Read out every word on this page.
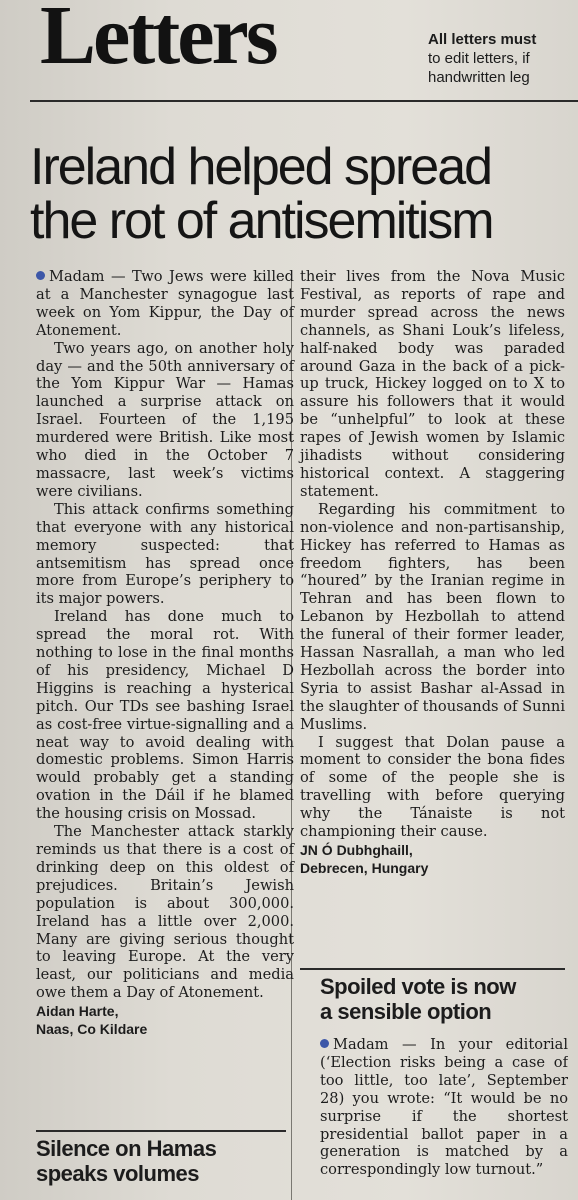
Letters	All letters must
to edit letters, if
handwritten leg
Ireland helped spread
the rot of antisemitism

Madam — Two Jews were killed at a Manchester synagogue last week on Yom Kippur, the Day of Atonement.

Two years ago, on another holy day — and the 50th anniversary of the Yom Kippur War — Hamas launched a surprise attack on Israel. Fourteen of the 1,195 murdered were British. Like most who died in the October 7 massacre, last week’s victims were civilians.

This attack confirms something that everyone with any historical memory suspected: that antsemitism has spread once more from Europe’s periphery to its major powers.

Ireland has done much to spread the moral rot. With nothing to lose in the final months of his presidency, Michael D Higgins is reaching a hysterical pitch. Our TDs see bashing Israel as cost-free virtue-signalling and a neat way to avoid dealing with domestic problems. Simon Harris would probably get a standing ovation in the Dáil if he blamed the housing crisis on Mossad.

The Manchester attack starkly reminds us that there is a cost of drinking deep on this oldest of prejudices. Britain’s Jewish population is about 300,000. Ireland has a little over 2,000. Many are giving serious thought to leaving Europe. At the very least, our politicians and media owe them a Day of Atonement.

Aidan Harte,

Naas, Co Kildare

Silence on Hamas
speaks volumes

their lives from the Nova Music Festival, as reports of rape and murder spread across the news channels, as Shani Louk’s lifeless, half-naked body was paraded around Gaza in the back of a pick-up truck, Hickey logged on to X to assure his followers that it would be “unhelpful” to look at these rapes of Jewish women by Islamic jihadists without considering historical context. A staggering statement.

Regarding his commitment to non-violence and non-partisanship, Hickey has referred to Hamas as freedom fighters, has been “houred” by the Iranian regime in Tehran and has been flown to Lebanon by Hezbollah to attend the funeral of their former leader, Hassan Nasrallah, a man who led Hezbollah across the border into Syria to assist Bashar al-Assad in the slaughter of thousands of Sunni Muslims.

I suggest that Dolan pause a moment to consider the bona fides of some of the people she is travelling with before querying why the Tánaiste is not championing their cause.

JN Ó Dubhghaill,

Debrecen, Hungary

Spoiled vote is now
a sensible option

Madam — In your editorial (‘Election risks being a case of too little, too late’, September 28) you wrote: “It would be no surprise if the shortest presidential ballot paper in a generation is matched by a correspondingly low turnout.”
